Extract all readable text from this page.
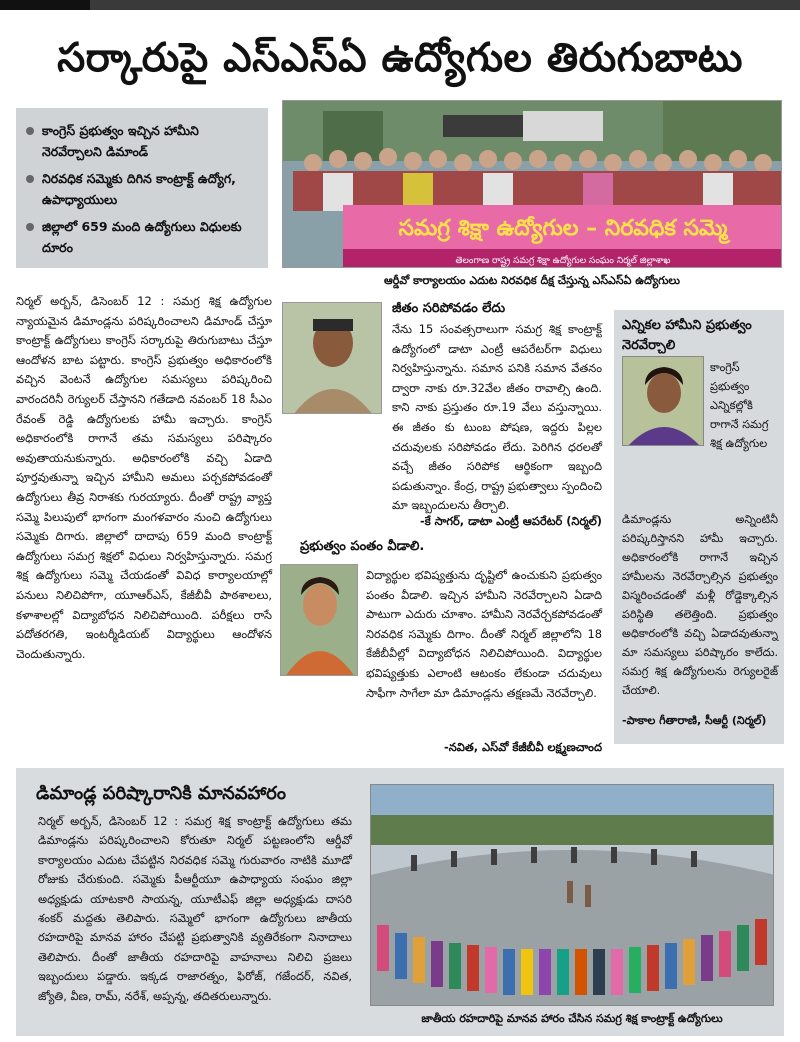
సర్కారుపై ఎస్ఎస్ఏ ఉద్యోగుల తిరుగుబాటు
కాంగ్రెస్ ప్రభుత్వం ఇచ్చిన హామీని నెరవేర్చాలని డిమాండ్
నిరవధిక సమ్మెకు దిగిన కాంట్రాక్ట్ ఉద్యోగ, ఉపాధ్యాయులు
జిల్లాలో 659 మంది ఉద్యోగులు విధులకు దూరం
సమగ్ర శిక్షా ఉద్యోగుల – నిరవధిక సమ్మె
తెలంగాణ రాష్ట్ర సమగ్ర శిక్షా ఉద్యోగుల సంఘం నిర్మల్ జిల్లాశాఖ
ఆర్డీవో కార్యాలయం ఎదుట నిరవధిక దీక్ష చేస్తున్న ఎస్ఎస్ఏ ఉద్యోగులు
నిర్మల్ అర్బన్, డిసెంబర్ 12 : సమగ్ర శిక్ష ఉద్యోగుల న్యాయమైన డిమాండ్లను పరిష్కరించాలని డిమాండ్ చేస్తూ కాంట్రాక్ట్ ఉద్యోగులు కాంగ్రెస్ సర్కారుపై తిరుగుబాటు చేస్తూ ఆందోళన బాట పట్టారు. కాంగ్రెస్ ప్రభుత్వం అధికారంలోకి వచ్చిన వెంటనే ఉద్యోగుల సమస్యలు పరిష్కరించి వారందరినీ రెగ్యులర్ చేస్తానని గతేడాది నవంబర్ 18 సీఎం రేవంత్ రెడ్డి ఉద్యోగులకు హామీ ఇచ్చారు. కాంగ్రెస్ అధికారంలోకి రాగానే తమ సమస్యలు పరిష్కారం అవుతాయనుకున్నారు. అధికారంలోకి వచ్చి ఏడాది పూర్తవుతున్నా ఇచ్చిన హామీని అమలు పర్చకపోవడంతో ఉద్యోగులు తీవ్ర నిరాశకు గురయ్యారు. దీంతో రాష్ట్ర వ్యాప్త సమ్మె పిలుపులో భాగంగా మంగళవారం నుంచి ఉద్యోగులు సమ్మెకు దిగారు. జిల్లాలో దాదాపు 659 మంది కాంట్రాక్ట్ ఉద్యోగులు సమగ్ర శిక్షలో విధులు నిర్వహిస్తున్నారు. సమగ్ర శిక్ష ఉద్యోగులు సమ్మె చేయడంతో వివిధ కార్యాలయాల్లో పనులు నిలిచిపోగా, యూఆర్ఎస్, కేజీబీవీ పాఠశాలలు, కళాశాలల్లో విద్యాబోధన నిలిచిపోయింది. పరీక్షలు రాసే పదోతరగతి, ఇంటర్మీడియట్ విద్యార్థులు ఆందోళన చెందుతున్నారు.
జీతం సరిపోవడం లేదు
నేను 15 సంవత్సరాలుగా సమగ్ర శిక్ష కాంట్రాక్ట్ ఉద్యోగంలో డాటా ఎంట్రీ ఆపరేటర్‌గా విధులు నిర్వహిస్తున్నాను. సమాన పనికి సమాన వేతనం ద్వారా నాకు రూ.32వేల జీతం రావాల్సి ఉంది. కాని నాకు ప్రస్తుతం రూ.19 వేలు వస్తున్నాయి. ఈ జీతం కు టుంబ పోషణ, ఇద్దరు పిల్లల చదువులకు సరిపోవడం లేదు. పెరిగిన ధరలతో వచ్చే జీతం సరిపోక ఆర్థికంగా ఇబ్బంది పడుతున్నాం. కేంద్ర, రాష్ట్ర ప్రభుత్వాలు స్పందించి మా ఇబ్బందులను తీర్చాలి.
-కే సాగర్, డాటా ఎంట్రీ ఆపరేటర్ (నిర్మల్)
ప్రభుత్వం పంతం వీడాలి.
విద్యార్థుల భవిష్యత్తును దృష్టిలో ఉంచుకుని ప్రభుత్వం పంతం వీడాలి. ఇచ్చిన హామీని నెరవేర్చాలని ఏడాది పాటుగా ఎదురు చూశాం. హామీని నెరవేర్చకపోవడంతో నిరవధిక సమ్మెకు దిగాం. దీంతో నిర్మల్ జిల్లాలోని 18 కేజీబీవీల్లో విద్యాబోధన నిలిచిపోయింది. విద్యార్థుల భవిష్యత్తుకు ఎలాంటి ఆటంకం లేకుండా చదువులు సాఫీగా సాగేలా మా డిమాండ్లను తక్షణమే నెరవేర్చాలి.
-నవిత, ఎస్‌వో కేజీబీవీ లక్ష్మణచాంద
ఎన్నికల హామీని ప్రభుత్వం నెరవేర్చాలి
కాంగ్రెస్ ప్రభుత్వం ఎన్నికల్లోకి రాగానే సమగ్ర శిక్ష ఉద్యోగుల
డిమాండ్లను అన్నింటినీ పరిష్కరిస్తానని హామీ ఇచ్చారు. అధికారంలోకి రాగానే ఇచ్చిన హామీలను నెరవేర్చాల్సిన ప్రభుత్వం విస్మరించడంతో మళ్లీ రోడ్డెక్కాల్సిన పరిస్థితి తలెత్తింది. ప్రభుత్వం అధికారంలోకి వచ్చి ఏడాదవుతున్నా మా సమస్యలు పరిష్కారం కాలేదు. సమగ్ర శిక్ష ఉద్యోగులను రెగ్యులరైజ్ చేయాలి.
-పాకాల గీతారాణి, సీఆర్టీ (నిర్మల్)
డిమాండ్ల పరిష్కారానికి మానవహారం
నిర్మల్ అర్బన్, డిసెంబర్ 12 : సమగ్ర శిక్ష కాంట్రాక్ట్ ఉద్యోగులు తమ డిమాండ్లను పరిష్కరించాలని కోరుతూ నిర్మల్ పట్టణంలోని ఆర్డీవో కార్యాలయం ఎదుట చేపట్టిన నిరవధిక సమ్మె గురువారం నాటికి మూడో రోజుకు చేరుకుంది. సమ్మెకు పీఆర్టీయూ ఉపాధ్యాయ సంఘం జిల్లా అధ్యక్షుడు యాటకారి సాయన్న, యూటీఎఫ్ జిల్లా అధ్యక్షుడు దాసరి శంకర్ మద్దతు తెలిపారు. సమ్మెలో భాగంగా ఉద్యోగులు జాతీయ రహదారిపై మానవ హారం చేపట్టి ప్రభుత్వానికి వ్యతిరేకంగా నినాదాలు తెలిపారు. దీంతో జాతీయ రహదారిపై వాహనాలు నిలిచి ప్రజలు ఇబ్బందులు పడ్డారు. ఇక్కడ రాజారత్నం, ఫిరోజ్, గజేందర్, నవిత, జ్యోతి, వీణ, రామ్, నరేశ్, అప్పన్న, తదితరులున్నారు.
జాతీయ రహదారిపై మానవ హారం చేసిన సమగ్ర శిక్ష కాంట్రాక్ట్ ఉద్యోగులు
